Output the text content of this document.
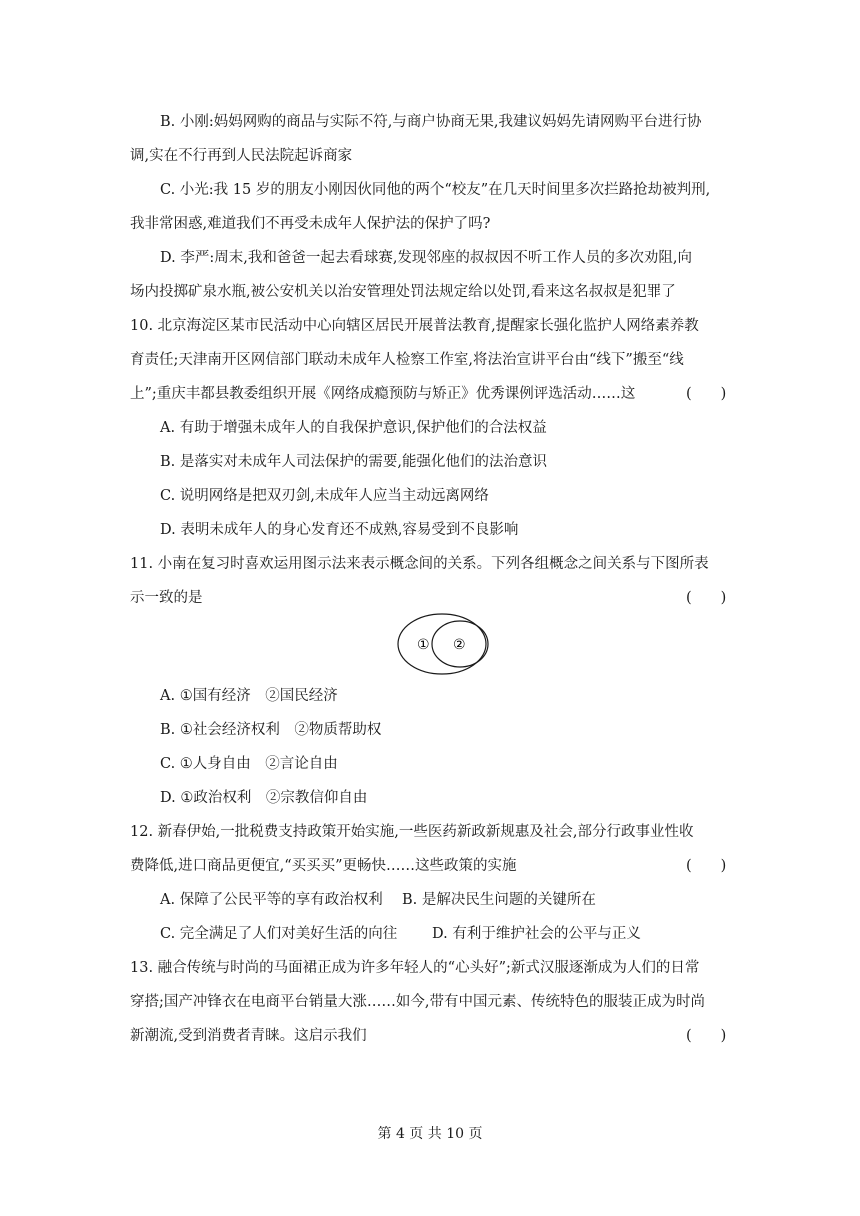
B. 小刚:妈妈网购的商品与实际不符,与商户协商无果,我建议妈妈先请网购平台进行协
调,实在不行再到人民法院起诉商家
C. 小光:我 15 岁的朋友小刚因伙同他的两个“校友”在几天时间里多次拦路抢劫被判刑,
我非常困惑,难道我们不再受未成年人保护法的保护了吗?
D. 李严:周末,我和爸爸一起去看球赛,发现邻座的叔叔因不听工作人员的多次劝阻,向
场内投掷矿泉水瓶,被公安机关以治安管理处罚法规定给以处罚,看来这名叔叔是犯罪了
10. 北京海淀区某市民活动中心向辖区居民开展普法教育,提醒家长强化监护人网络素养教
育责任;天津南开区网信部门联动未成年人检察工作室,将法治宣讲平台由“线下”搬至“线
上”;重庆丰都县教委组织开展《网络成瘾预防与矫正》优秀课例评选活动……这	(　　)
A. 有助于增强未成年人的自我保护意识,保护他们的合法权益
B. 是落实对未成年人司法保护的需要,能强化他们的法治意识
C. 说明网络是把双刃剑,未成年人应当主动远离网络
D. 表明未成年人的身心发育还不成熟,容易受到不良影响
11. 小南在复习时喜欢运用图示法来表示概念间的关系。下列各组概念之间关系与下图所表
示一致的是	(　　)
① ②
A. ①国有经济　②国民经济
B. ①社会经济权利　②物质帮助权
C. ①人身自由　②言论自由
D. ①政治权利　②宗教信仰自由
12. 新春伊始,一批税费支持政策开始实施,一些医药新政新规惠及社会,部分行政事业性收
费降低,进口商品更便宜,“买买买”更畅快……这些政策的实施	(　　)
A. 保障了公民平等的享有政治权利 B. 是解决民生问题的关键所在
C. 完全满足了人们对美好生活的向往 D. 有利于维护社会的公平与正义
13. 融合传统与时尚的马面裙正成为许多年轻人的“心头好”;新式汉服逐渐成为人们的日常
穿搭;国产冲锋衣在电商平台销量大涨……如今,带有中国元素、传统特色的服装正成为时尚
新潮流,受到消费者青睐。这启示我们	(　　)
第 4 页 共 10 页
